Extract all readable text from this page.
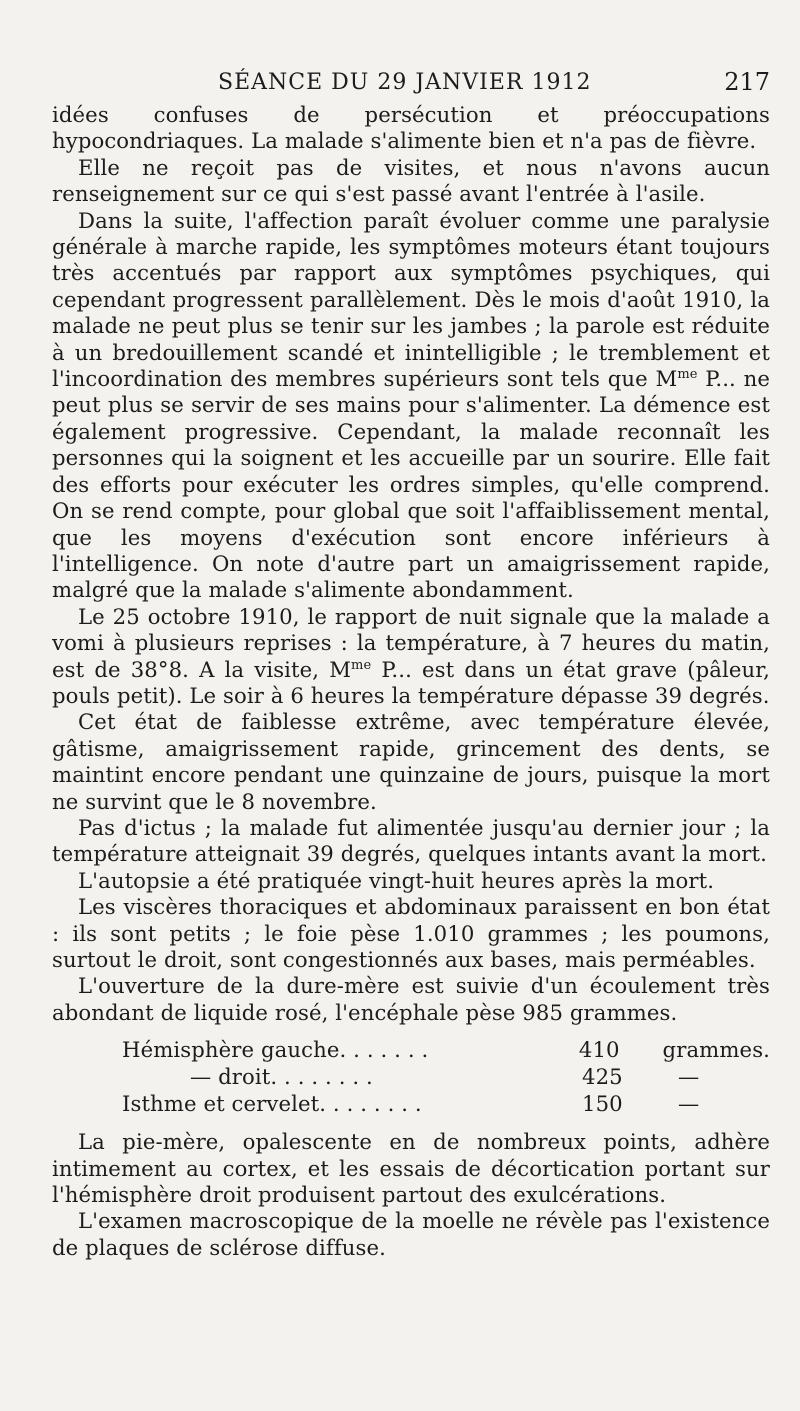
SÉANCE DU 29 JANVIER 1912	217

idées confuses de persécution et préoccupations hypocondriaques. La malade s'alimente bien et n'a pas de fièvre.

Elle ne reçoit pas de visites, et nous n'avons aucun renseignement sur ce qui s'est passé avant l'entrée à l'asile.

Dans la suite, l'affection paraît évoluer comme une paralysie générale à marche rapide, les symptômes moteurs étant toujours très accentués par rapport aux symptômes psychiques, qui cependant progressent parallèlement. Dès le mois d'août 1910, la malade ne peut plus se tenir sur les jambes ; la parole est réduite à un bredouillement scandé et inintelligible ; le tremblement et l'incoordination des membres supérieurs sont tels que $M^{me}$ P... ne peut plus se servir de ses mains pour s'alimenter. La démence est également progressive. Cependant, la malade reconnaît les personnes qui la soignent et les accueille par un sourire. Elle fait des efforts pour exécuter les ordres simples, qu'elle comprend. On se rend compte, pour global que soit l'affaiblissement mental, que les moyens d'exécution sont encore inférieurs à l'intelligence. On note d'autre part un amaigrissement rapide, malgré que la malade s'alimente abondamment.

Le 25 octobre 1910, le rapport de nuit signale que la malade a vomi à plusieurs reprises : la température, à 7 heures du matin, est de 38°8. A la visite, $M^{me}$ P... est dans un état grave (pâleur, pouls petit). Le soir à 6 heures la température dépasse 39 degrés.

Cet état de faiblesse extrême, avec température élevée, gâtisme, amaigrissement rapide, grincement des dents, se maintint encore pendant une quinzaine de jours, puisque la mort ne survint que le 8 novembre.

Pas d'ictus ; la malade fut alimentée jusqu'au dernier jour ; la température atteignait 39 degrés, quelques intants avant la mort.

L'autopsie a été pratiquée vingt-huit heures après la mort.

Les viscères thoraciques et abdominaux paraissent en bon état : ils sont petits ; le foie pèse 1.010 grammes ; les poumons, surtout le droit, sont congestionnés aux bases, mais perméables.

L'ouverture de la dure-mère est suivie d'un écoulement très abondant de liquide rosé, l'encéphale pèse 985 grammes.

Hémisphère gauche. . . . . . .	410	grammes.
— droit. . . . . . . .	425	—
Isthme et cervelet. . . . . . . .	150	—

La pie-mère, opalescente en de nombreux points, adhère intimement au cortex, et les essais de décortication portant sur l'hémisphère droit produisent partout des exulcérations.

L'examen macroscopique de la moelle ne révèle pas l'existence de plaques de sclérose diffuse.
